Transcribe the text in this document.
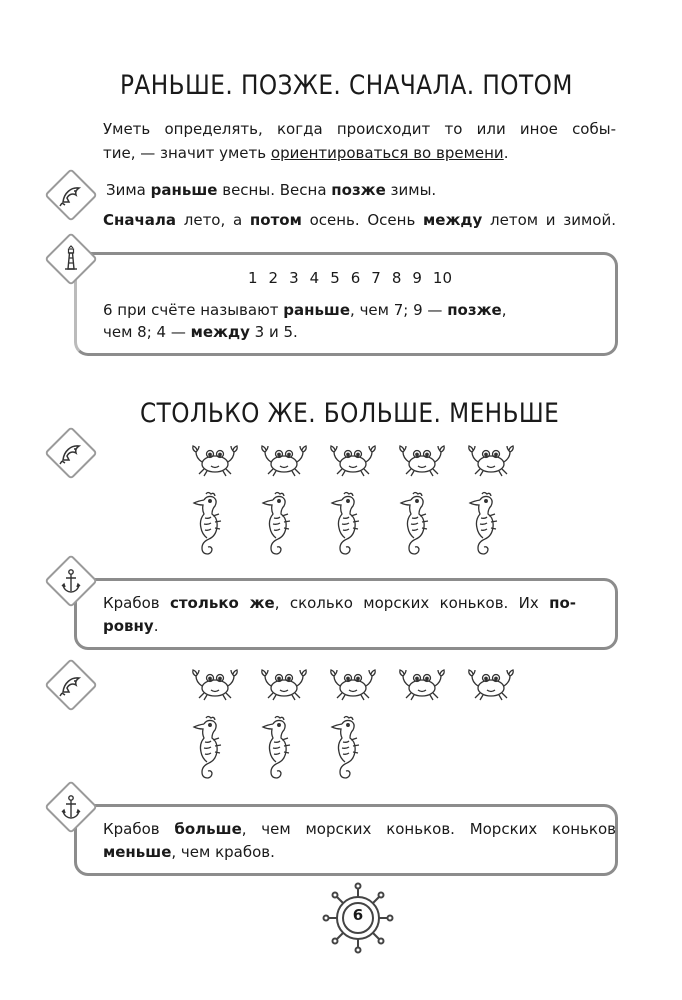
РАНЬШЕ. ПОЗЖЕ. СНАЧАЛА. ПОТОМ
Уметь определять, когда происходит то или иное собы-
тие, — значит уметь ориентироваться во времени.
Зима раньше весны. Весна позже зимы.
Сначала лето, а потом осень. Осень между летом и зимой.
1 2 3 4 5 6 7 8 9 10
6 при счёте называют раньше, чем 7; 9 — позже,
чем 8; 4 — между 3 и 5.
СТОЛЬКО ЖЕ. БОЛЬШЕ. МЕНЬШЕ
Крабов столько же, сколько морских коньков. Их по-
ровну.
Крабов больше, чем морских коньков. Морских коньков
меньше, чем крабов.
6
